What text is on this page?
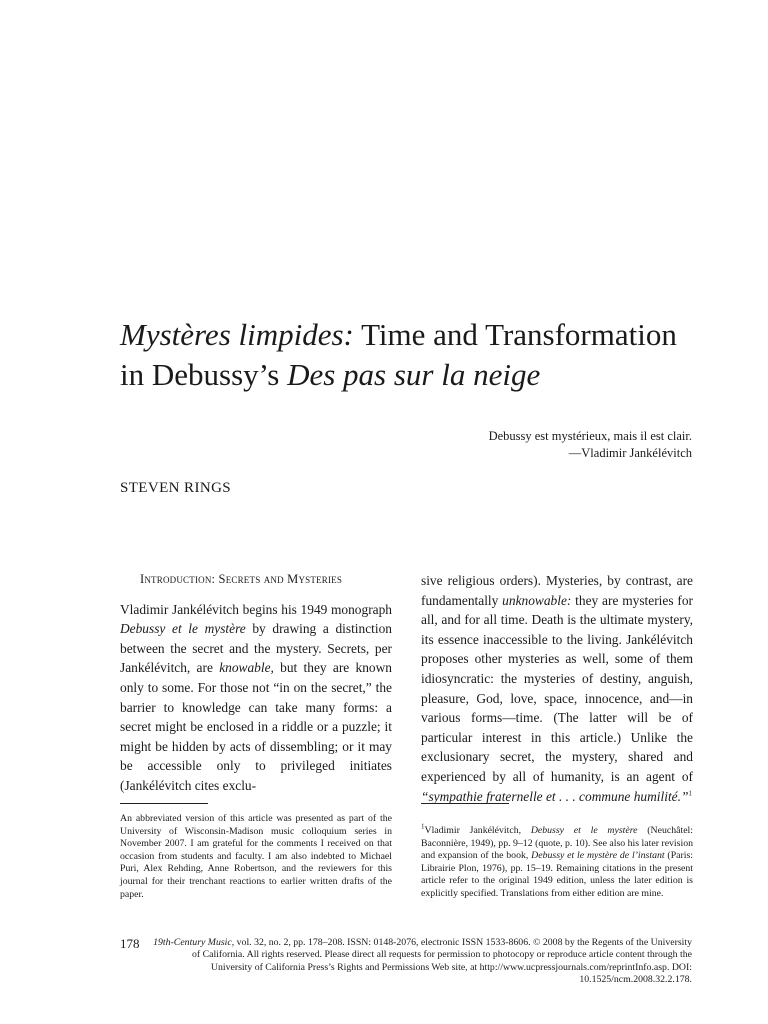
Mystères limpides: Time and Transformation
in Debussy’s Des pas sur la neige
Debussy est mystérieux, mais il est clair.
—Vladimir Jankélévitch
STEVEN RINGS
Introduction: Secrets and Mysteries

Vladimir Jankélévitch begins his 1949 monograph Debussy et le mystère by drawing a distinction between the secret and the mystery. Secrets, per Jankélévitch, are knowable, but they are known only to some. For those not “in on the secret,” the barrier to knowledge can take many forms: a secret might be enclosed in a riddle or a puzzle; it might be hidden by acts of dissembling; or it may be accessible only to privileged initiates (Jankélévitch cites exclu-

sive religious orders). Mysteries, by contrast, are fundamentally unknowable: they are mysteries for all, and for all time. Death is the ultimate mystery, its essence inaccessible to the living. Jankélévitch proposes other mysteries as well, some of them idiosyncratic: the mysteries of destiny, anguish, pleasure, God, love, space, innocence, and—in various forms—time. (The latter will be of particular interest in this article.) Unlike the exclusionary secret, the mystery, shared and experienced by all of humanity, is an agent of “sympathie fraternelle et . . . commune humilité.”$^1$

An abbreviated version of this article was presented as part of the University of Wisconsin-Madison music colloquium series in November 2007. I am grateful for the comments I received on that occasion from students and faculty. I am also indebted to Michael Puri, Alex Rehding, Anne Robertson, and the reviewers for this journal for their trenchant reactions to earlier written drafts of the paper.
$^1$Vladimir Jankélévitch, Debussy et le mystère (Neuchâtel: Baconnière, 1949), pp. 9–12 (quote, p. 10). See also his later revision and expansion of the book, Debussy et le mystère de l’instant (Paris: Librairie Plon, 1976), pp. 15–19. Remaining citations in the present article refer to the original 1949 edition, unless the later edition is explicitly specified. Translations from either edition are mine.
178	19th-Century Music, vol. 32, no. 2, pp. 178–208. ISSN: 0148-2076, electronic ISSN 1533-8606. © 2008 by the Regents of the University of California. All rights reserved. Please direct all requests for permission to photocopy or reproduce article content through the University of California Press’s Rights and Permissions Web site, at http://www.ucpressjournals.com/reprintInfo.asp. DOI: 10.1525/ncm.2008.32.2.178.
